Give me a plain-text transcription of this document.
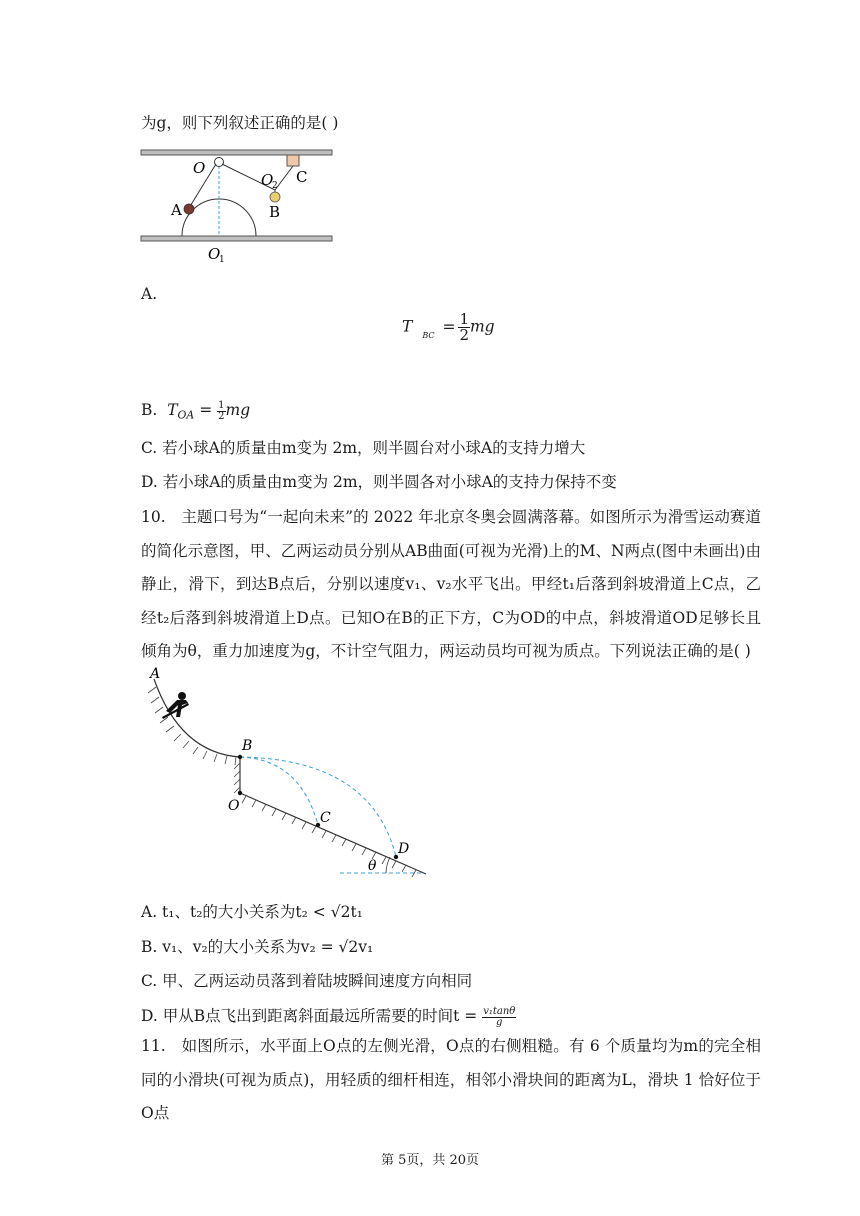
为g，则下列叙述正确的是( )
O
O
2 C
A	B
O
1
A.
T $_{BC} = \frac{1}{2}$ mg
B. $T_{OA} = \frac{1}{2}$ mg
C. 若小球A的质量由m变为 2m，则半圆台对小球A的支持力增大
D. 若小球A的质量由m变为 2m，则半圆各对小球A的支持力保持不变
10.　主题口号为“一起向未来”的 2022 年北京冬奥会圆满落幕。如图所示为滑雪运动赛道的简化示意图，甲、乙两运动员分别从AB曲面(可视为光滑)上的M、N两点(图中未画出)由静止，滑下，到达B点后，分别以速度v₁、v₂水平飞出。甲经t₁后落到斜坡滑道上C点，乙经t₂后落到斜坡滑道上D点。已知O在B的正下方，C为OD的中点，斜坡滑道OD足够长且倾角为θ，重力加速度为g，不计空气阻力，两运动员均可视为质点。下列说法正确的是( )
A
B
O
C
D
θ
A. t₁、t₂的大小关系为t₂ < √2t₁
B. v₁、v₂的大小关系为v₂ = √2v₁
C. 甲、乙两运动员落到着陆坡瞬间速度方向相同
D. 甲从B点飞出到距离斜面最远所需要的时间$t = \frac{\text{v₁tanθ}}{g}$
11.　如图所示，水平面上O点的左侧光滑，O点的右侧粗糙。有 6 个质量均为m的完全相同的小滑块(可视为质点)，用轻质的细杆相连，相邻小滑块间的距离为L，滑块 1 恰好位于O点
第 5页，共 20页
